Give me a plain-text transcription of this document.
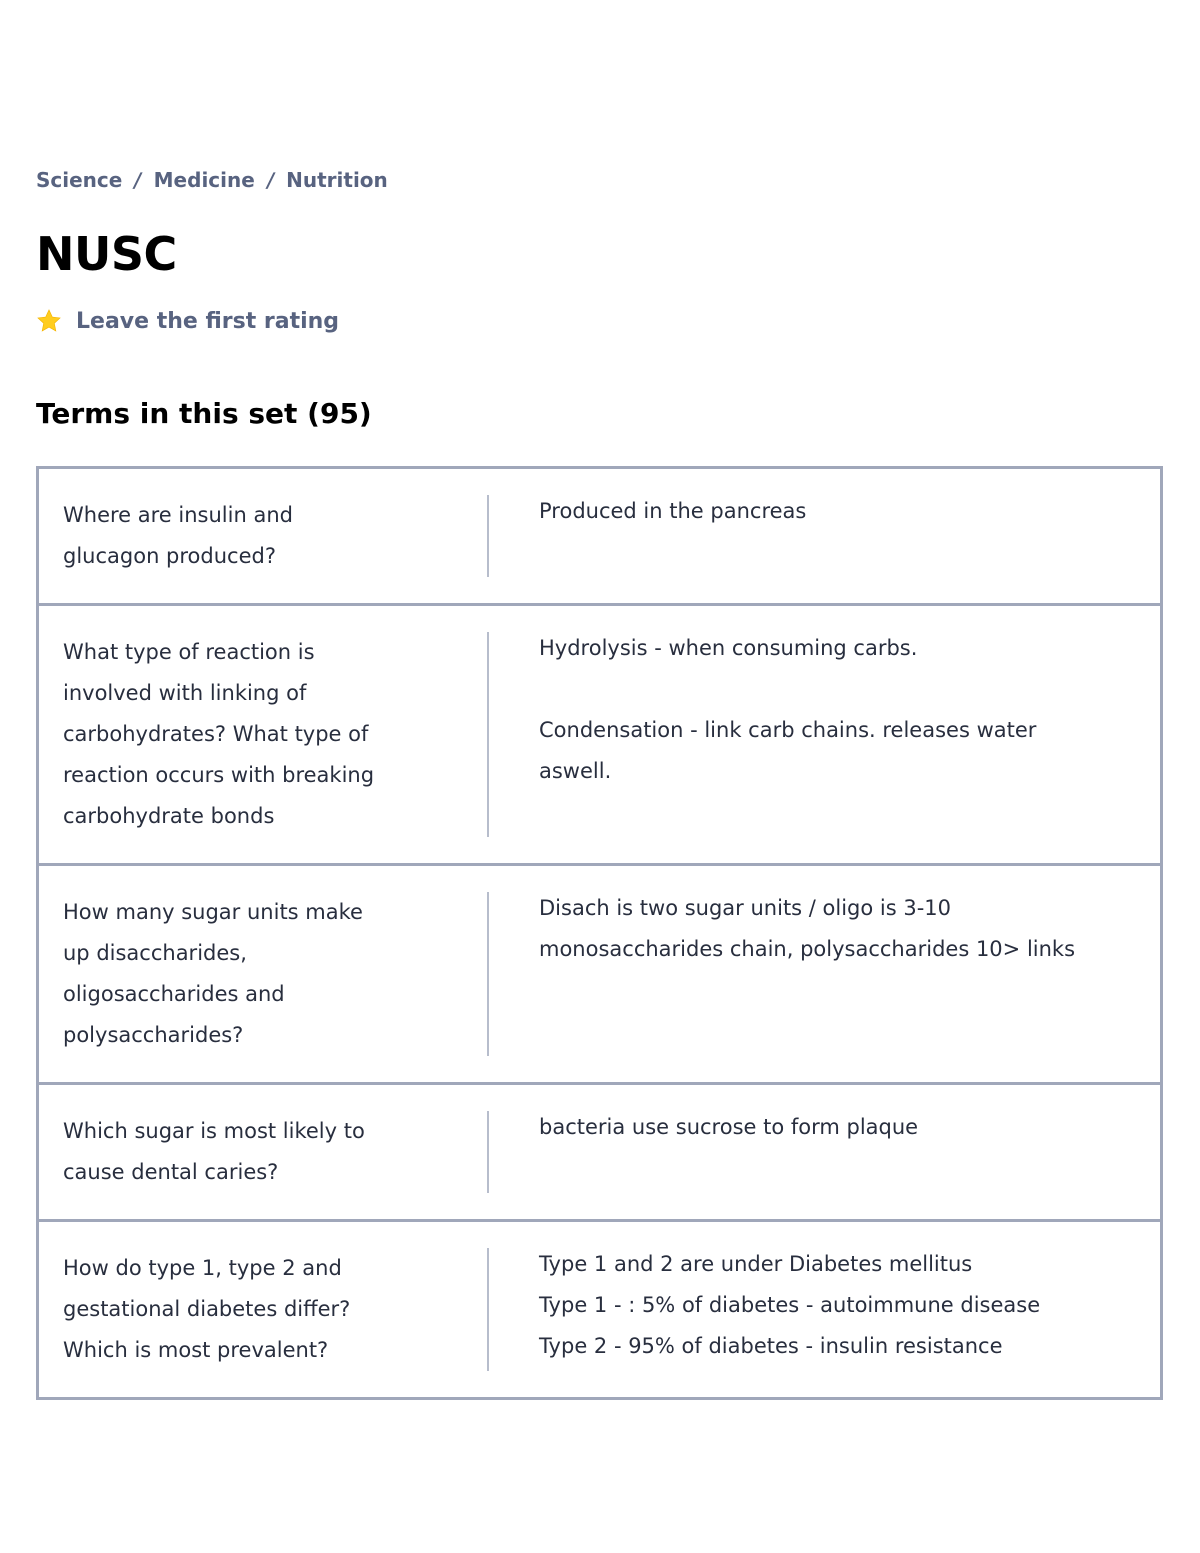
Science / Medicine / Nutrition
NUSC
Leave the first rating
Terms in this set (95)
Where are insulin and
glucagon produced?
Produced in the pancreas
What type of reaction is
involved with linking of
carbohydrates? What type of
reaction occurs with breaking
carbohydrate bonds
Hydrolysis - when consuming carbs.

Condensation - link carb chains. releases water
aswell.
How many sugar units make
up disaccharides,
oligosaccharides and
polysaccharides?
Disach is two sugar units / oligo is 3-10
monosaccharides chain, polysaccharides 10> links
Which sugar is most likely to
cause dental caries?
bacteria use sucrose to form plaque
How do type 1, type 2 and
gestational diabetes differ?
Which is most prevalent?
Type 1 and 2 are under Diabetes mellitus
Type 1 - : 5% of diabetes - autoimmune disease
Type 2 - 95% of diabetes - insulin resistance
